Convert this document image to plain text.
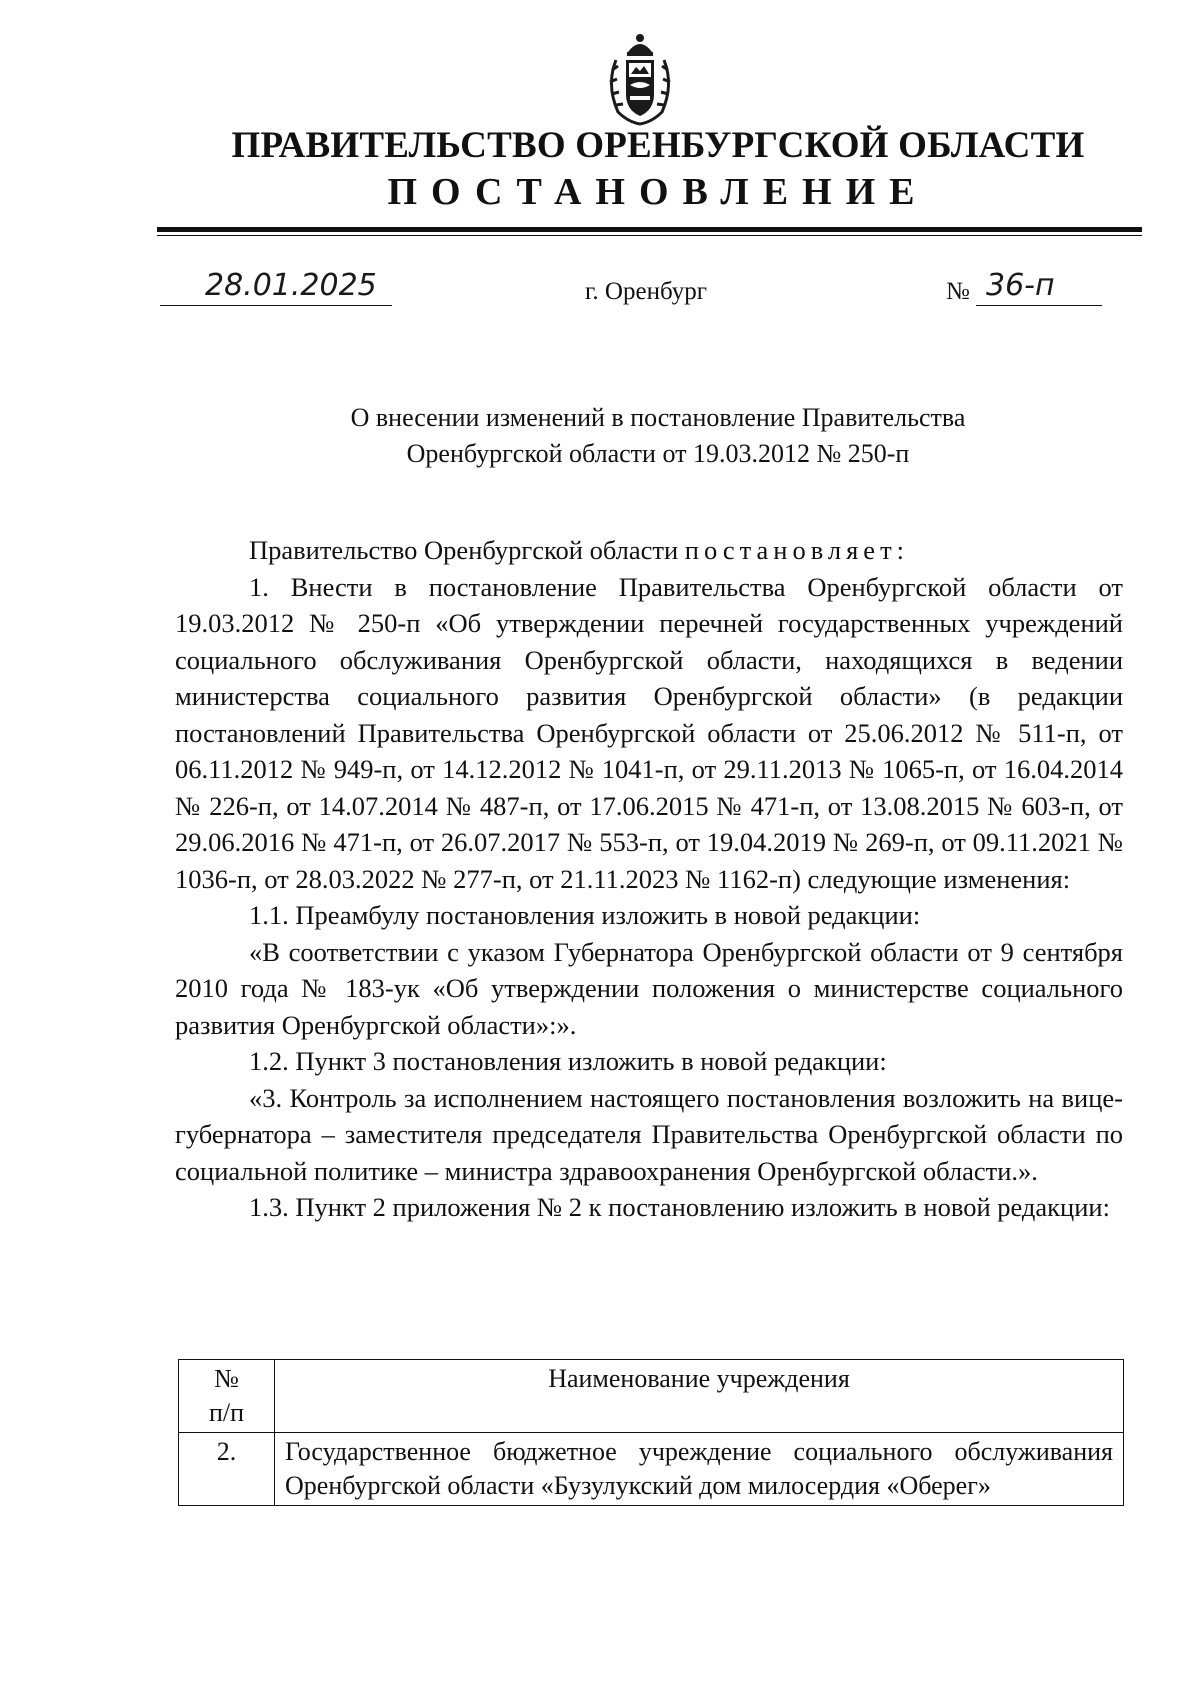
ПРАВИТЕЛЬСТВО ОРЕНБУРГСКОЙ ОБЛАСТИ
ПОСТАНОВЛЕНИЕ
28.01.2025	г. Оренбург	№ 36-п
О внесении изменений в постановление Правительства
Оренбургской области от 19.03.2012 № 250-п

Правительство Оренбургской области постановляет:

1. Внести в постановление Правительства Оренбургской области от 19.03.2012 № 250-п «Об утверждении перечней государственных учреждений социального обслуживания Оренбургской области, находящихся в ведении министерства социального развития Оренбургской области» (в редакции постановлений Правительства Оренбургской области от 25.06.2012 № 511-п, от 06.11.2012 № 949-п, от 14.12.2012 № 1041-п, от 29.11.2013 № 1065-п, от 16.04.2014 № 226-п, от 14.07.2014 № 487-п, от 17.06.2015 № 471-п, от 13.08.2015 № 603-п, от 29.06.2016 № 471-п, от 26.07.2017 № 553-п, от 19.04.2019 № 269-п, от 09.11.2021 № 1036-п, от 28.03.2022 № 277-п, от 21.11.2023 № 1162-п) следующие изменения:

1.1. Преамбулу постановления изложить в новой редакции:

«В соответствии с указом Губернатора Оренбургской области от 9 сентября 2010 года № 183-ук «Об утверждении положения о министерстве социального развития Оренбургской области»:».

1.2. Пункт 3 постановления изложить в новой редакции:

«3. Контроль за исполнением настоящего постановления возложить на вице-губернатора – заместителя председателя Правительства Оренбургской области по социальной политике – министра здравоохранения Оренбургской области.».

1.3. Пункт 2 приложения № 2 к постановлению изложить в новой редакции:

№
п/п	Наименование учреждения
2.	Государственное бюджетное учреждение социального обслуживания Оренбургской области «Бузулукский дом милосердия «Оберег»
